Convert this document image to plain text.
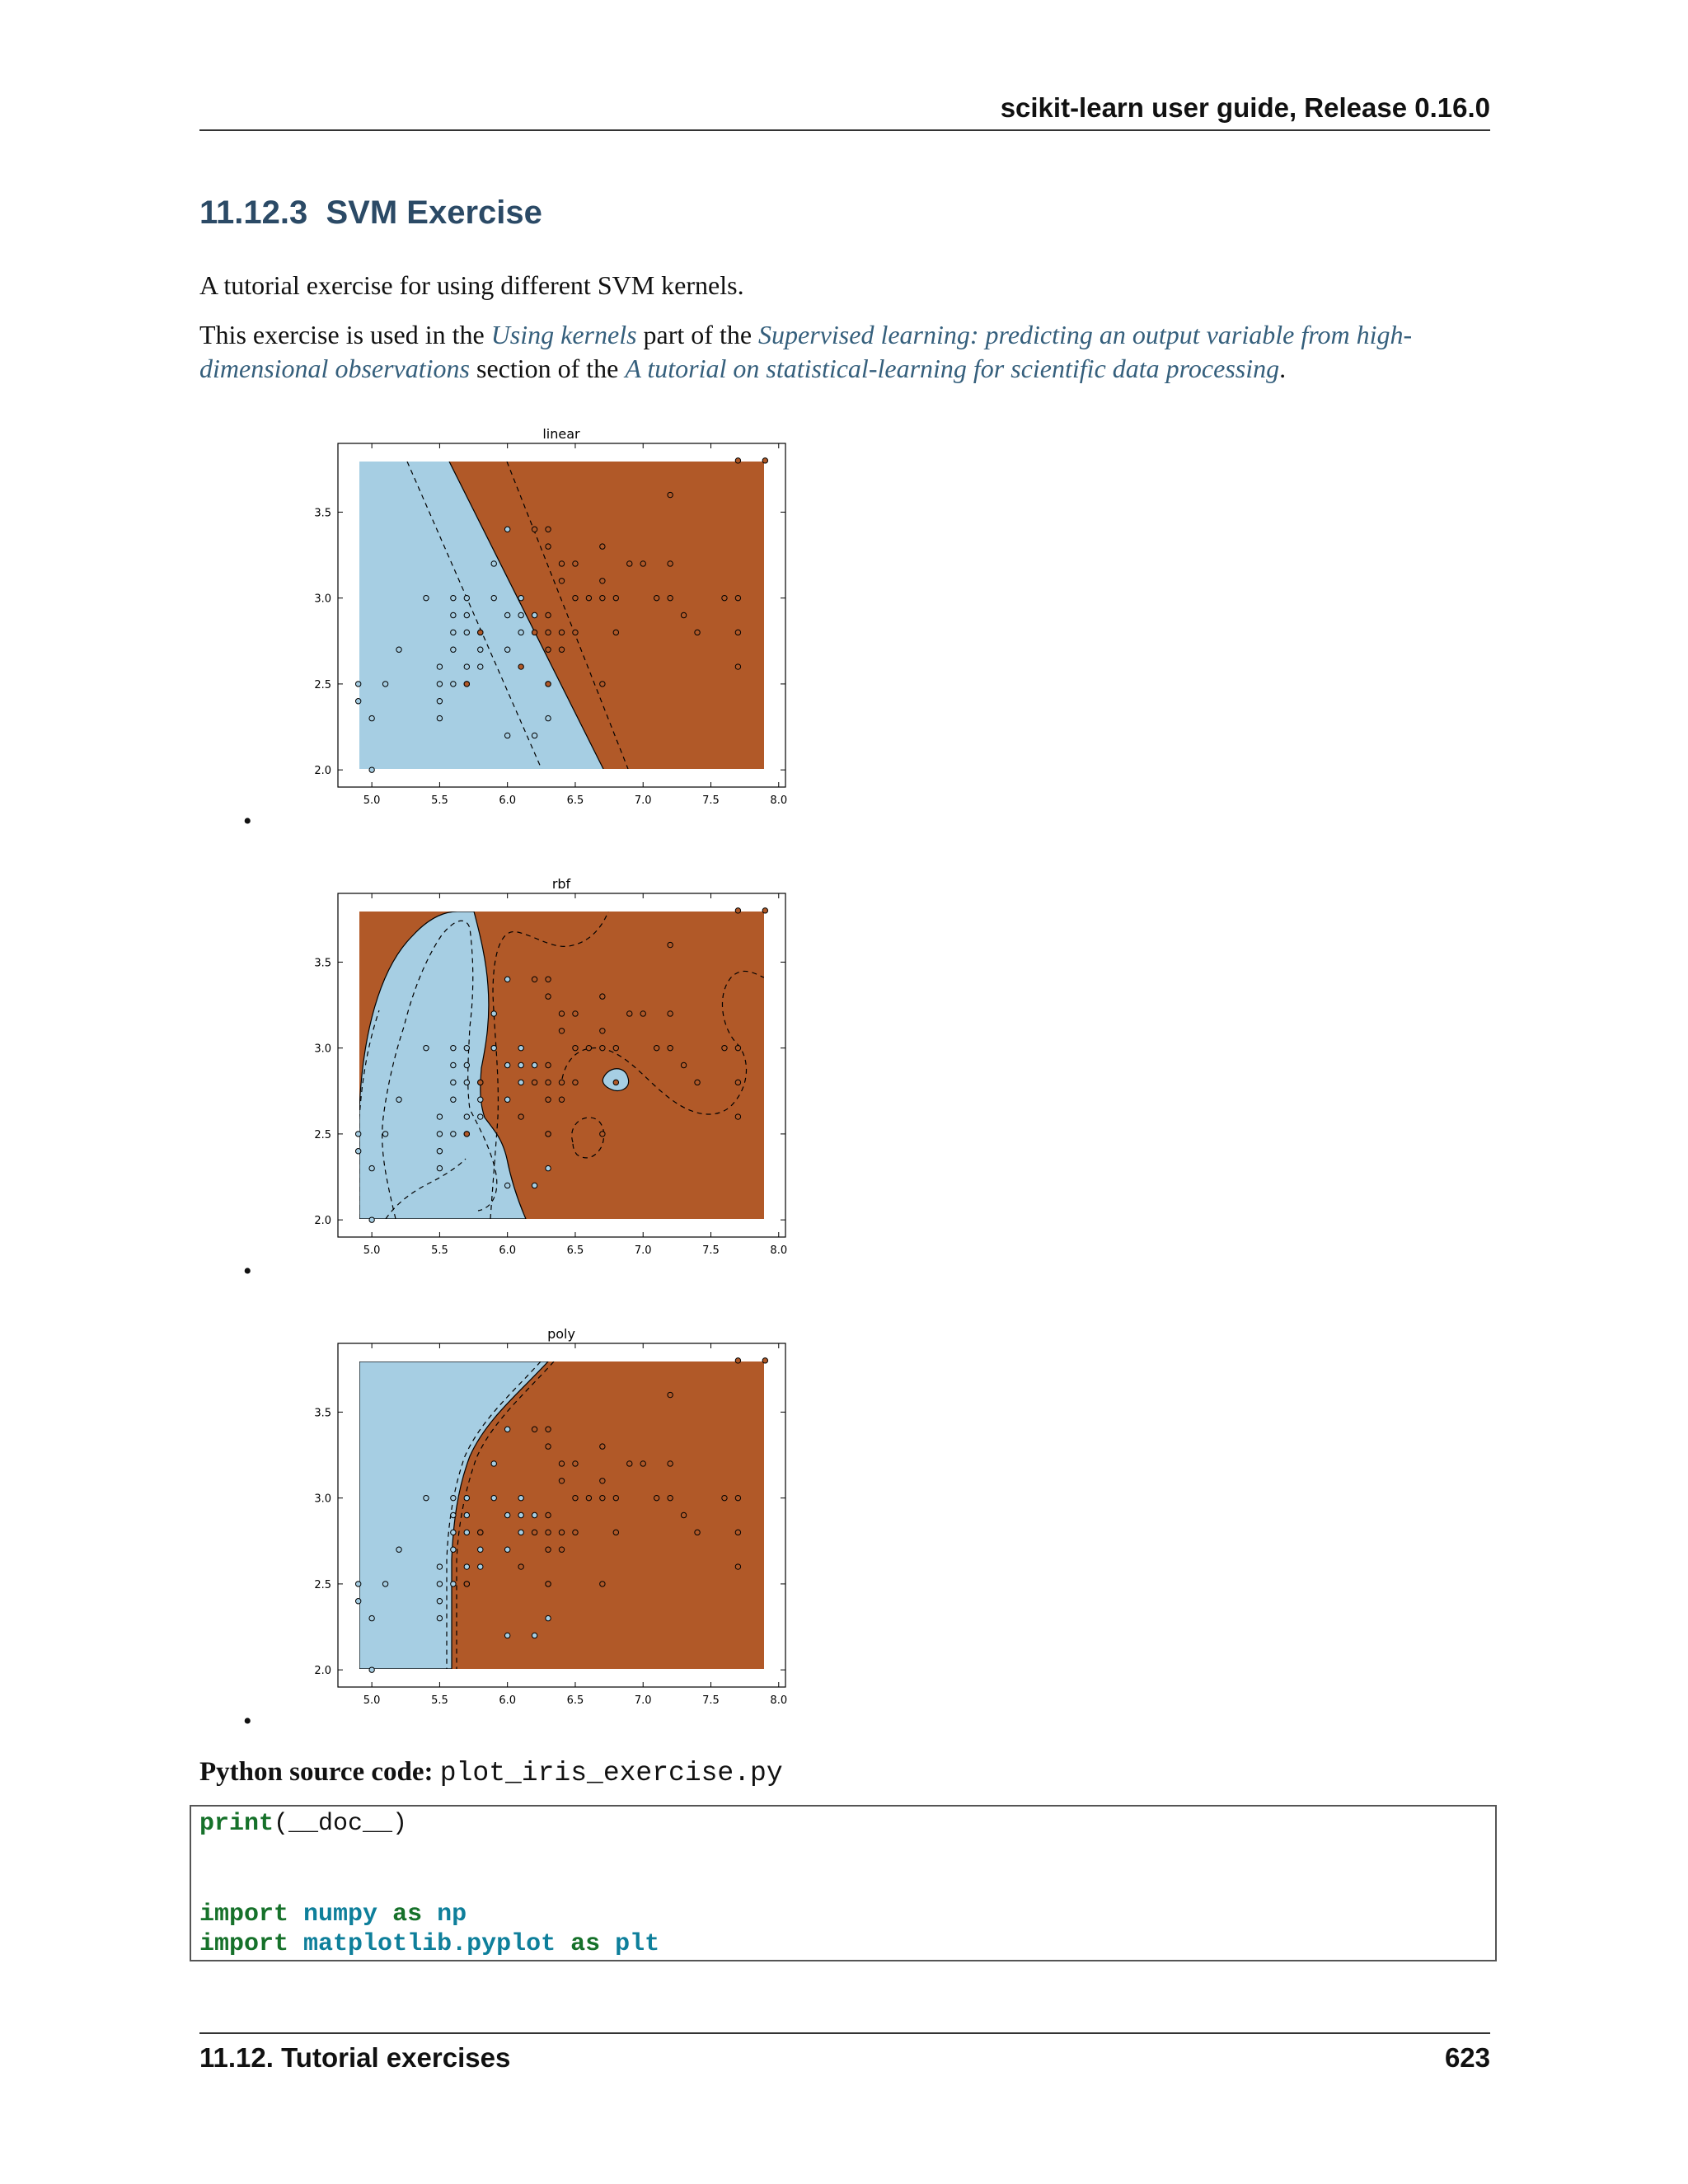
scikit-learn user guide, Release 0.16.0
11.12.3 SVM Exercise

A tutorial exercise for using different SVM kernels.

This exercise is used in the Using kernels part of the Supervised learning: predicting an output variable from high-dimensional observations section of the A tutorial on statistical-learning for scientific data processing.

linear
5.0	5.5	6.0	6.5	7.0	7.5	8.0
2.0
2.5
3.0
3.5
•
rbf
5.0	5.5	6.0	6.5	7.0	7.5	8.0
2.0
2.5
3.0
3.5
•
poly
5.0	5.5	6.0	6.5	7.0	7.5	8.0
2.0
2.5
3.0
3.5
•
Python source code: plot_iris_exercise.py
print(__doc__)
import numpy as np
import matplotlib.pyplot as plt
11.12. Tutorial exercises	623
